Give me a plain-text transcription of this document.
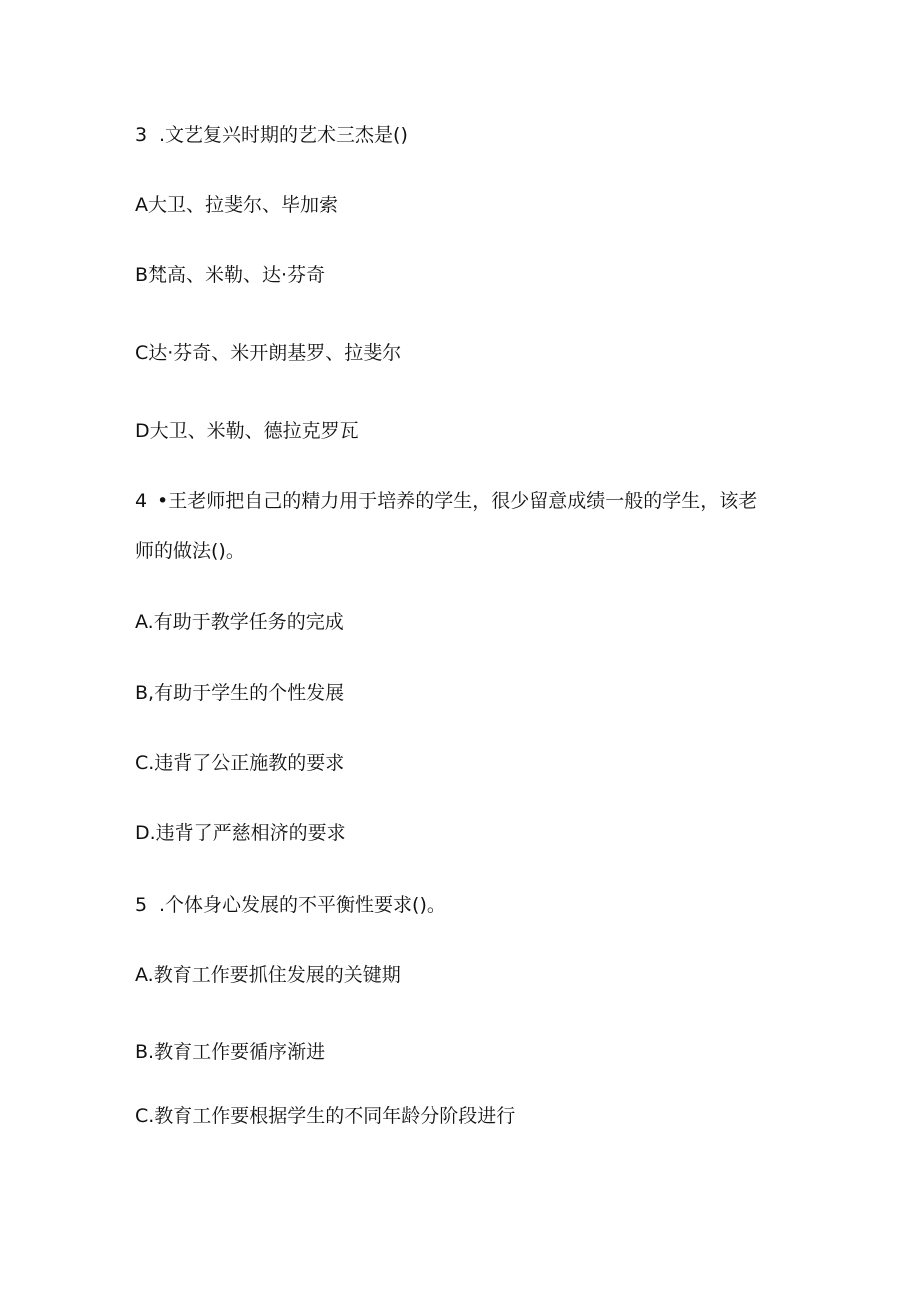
3 .文艺复兴时期的艺术三杰是()
A大卫、拉斐尔、毕加索
B梵高、米勒、达·芬奇
C达·芬奇、米开朗基罗、拉斐尔
D大卫、米勒、德拉克罗瓦
4 •王老师把自己的精力用于培养的学生，很少留意成绩一般的学生，该老
师的做法()。
A.有助于教学任务的完成
B,有助于学生的个性发展
C.违背了公正施教的要求
D.违背了严慈相济的要求
5 .个体身心发展的不平衡性要求()。
A.教育工作要抓住发展的关键期
B.教育工作要循序渐进
C.教育工作要根据学生的不同年龄分阶段进行
